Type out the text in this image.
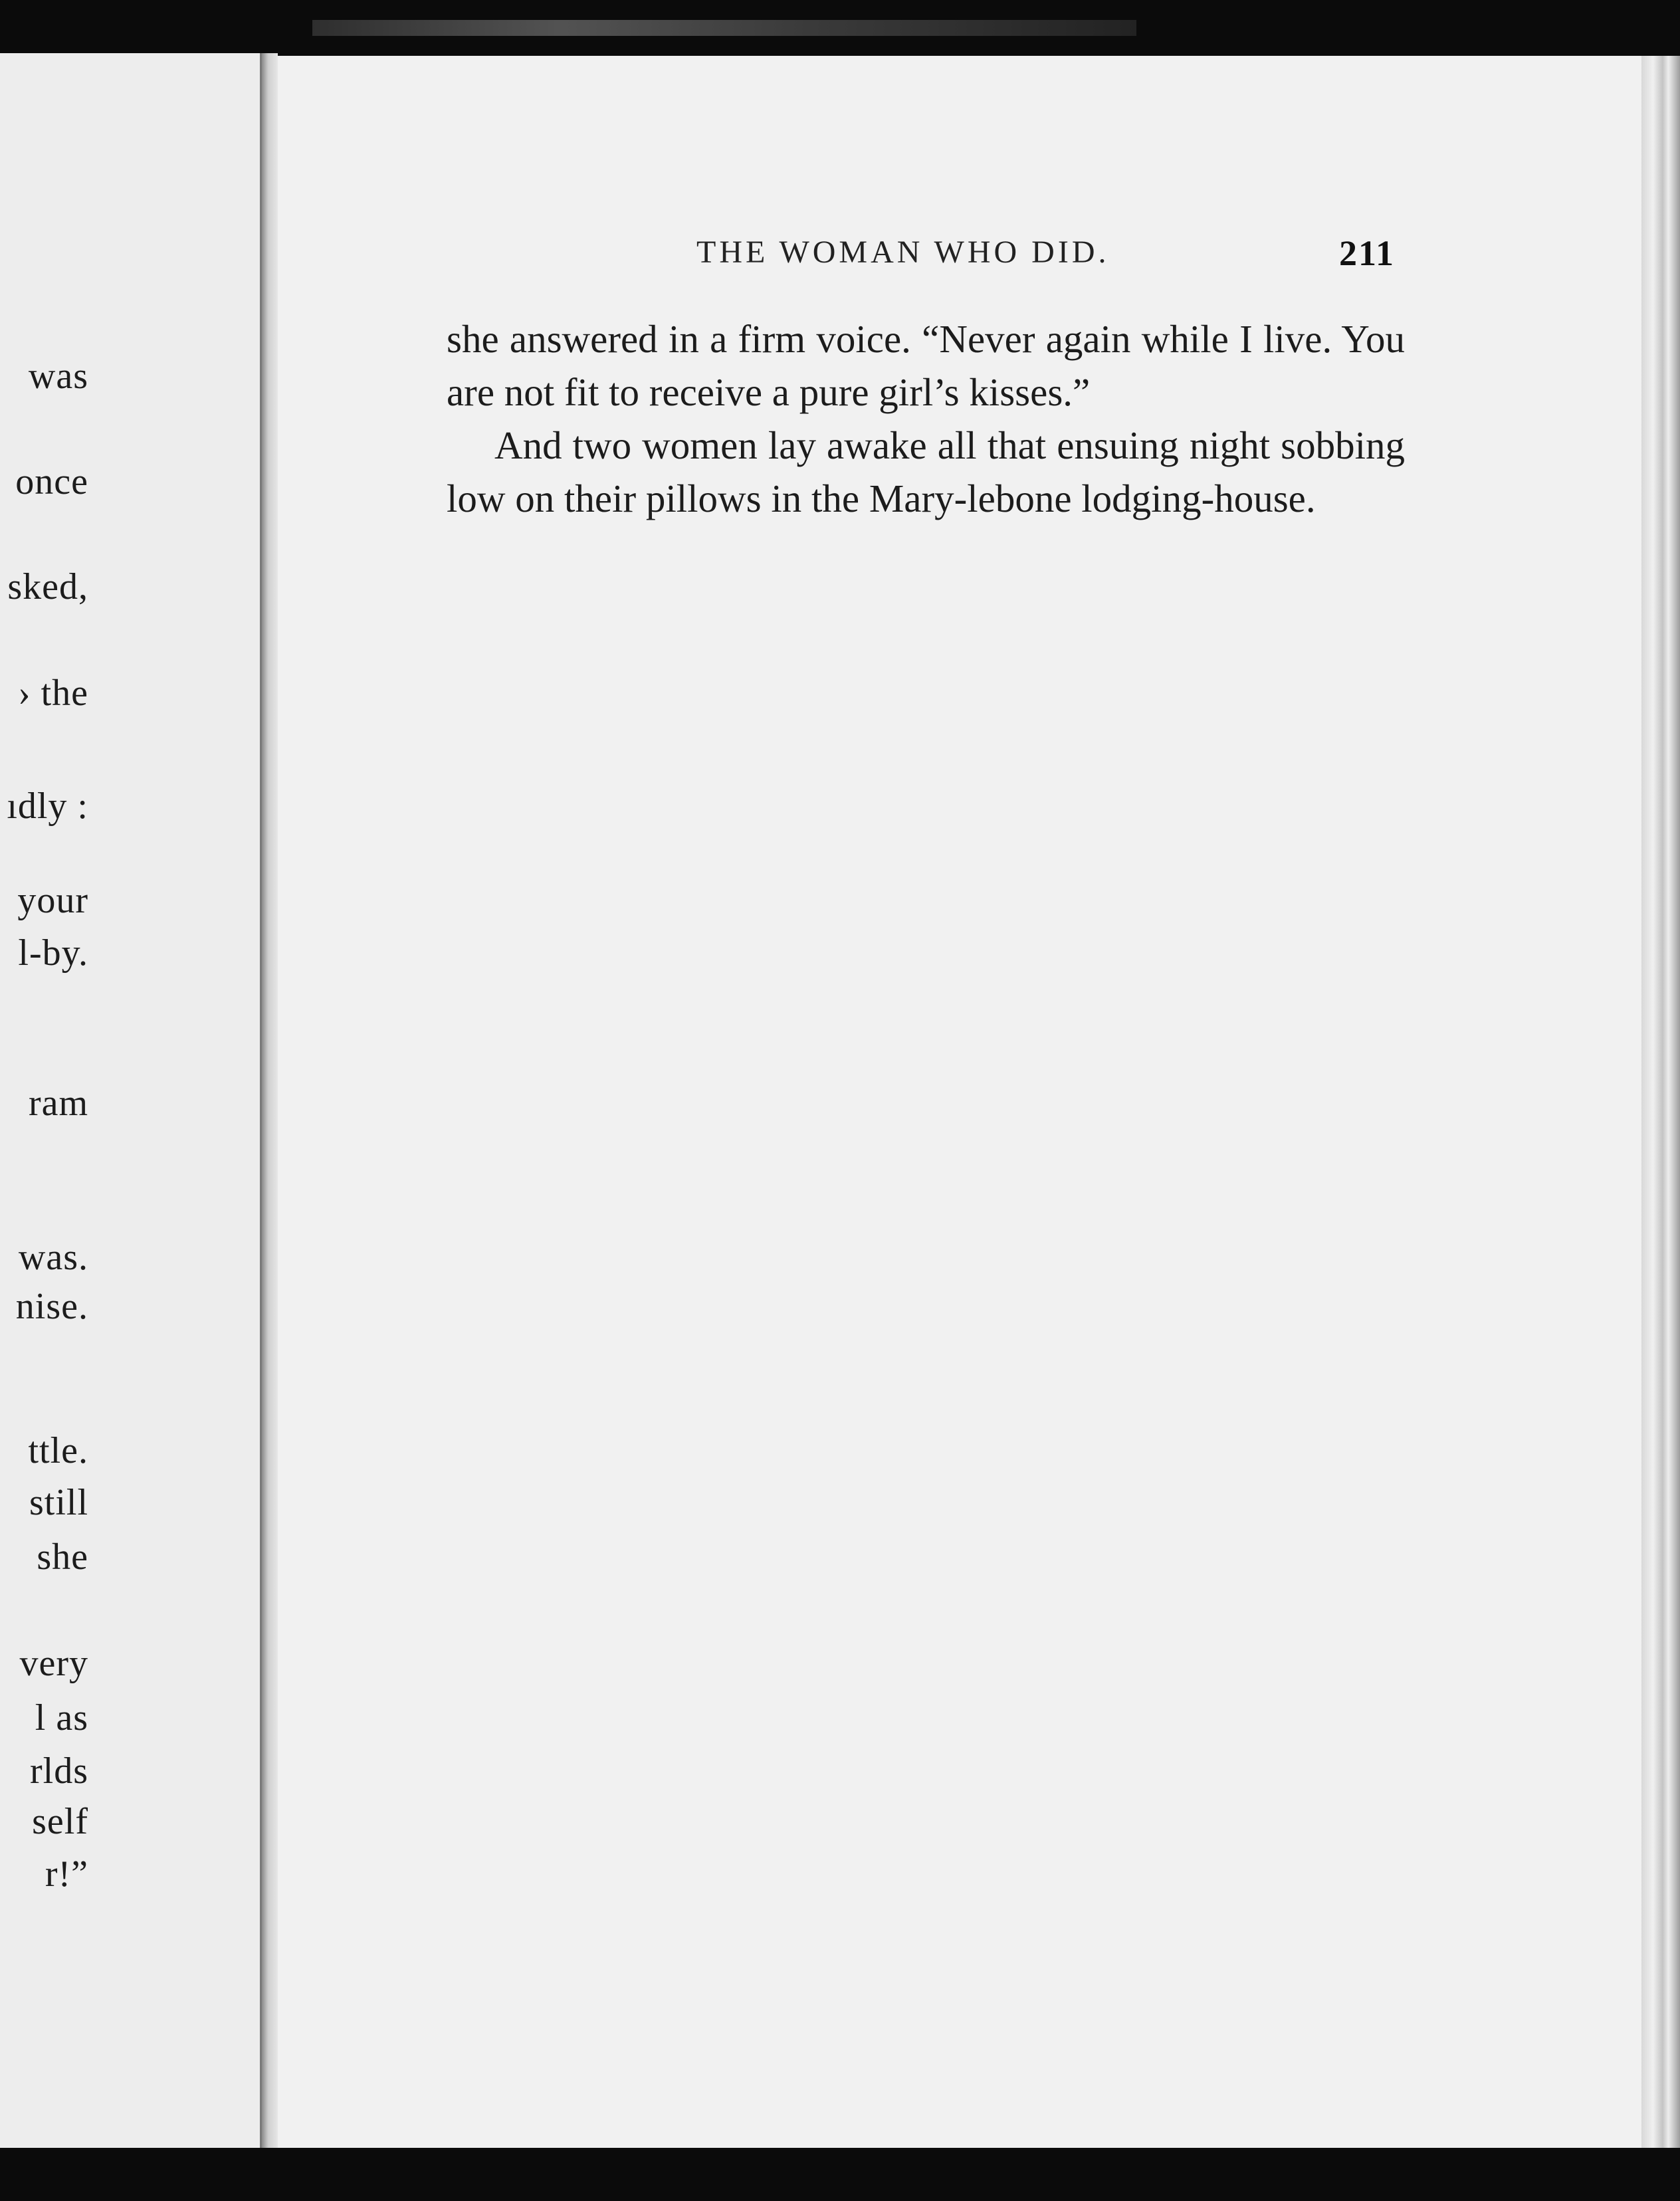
was
once
sked,
› the
ıdly :
your
l-by.
ram
was.
nise.
ttle.
still
she
very
l as
rlds
self
r!”
THE WOMAN WHO DID.	211

she answered in a firm voice. “Never again while I live. You are not fit to receive a pure girl’s kisses.”

And two women lay awake all that ensuing night sobbing low on their pillows in the Mary-lebone lodging-house.
